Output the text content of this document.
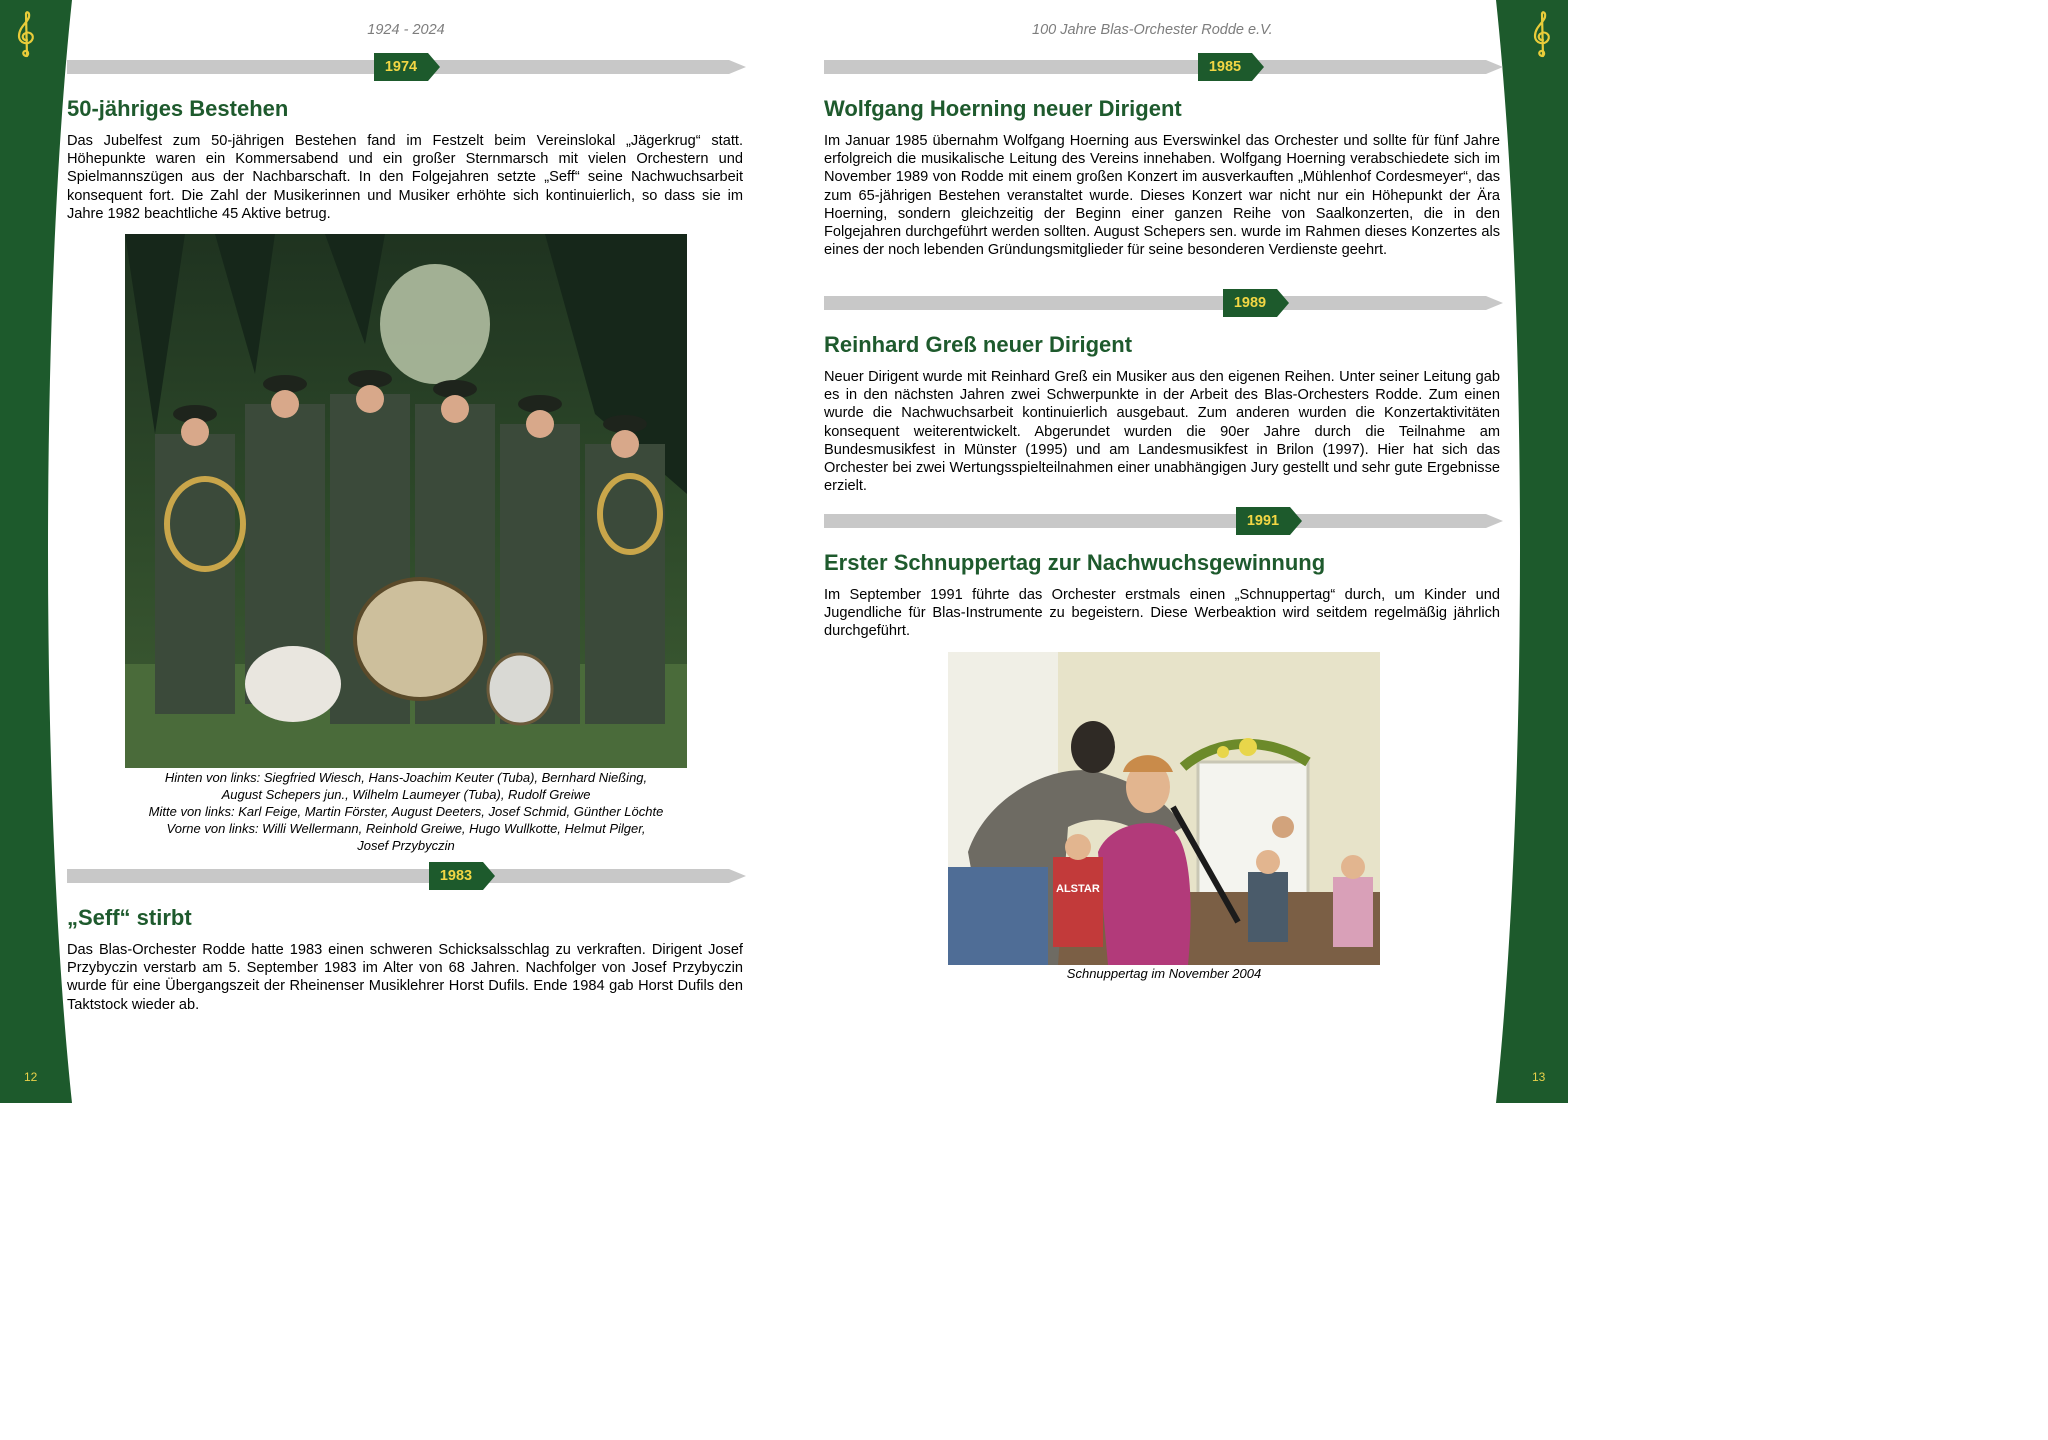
12	13
1924 - 2024	100 Jahre Blas-Orchester Rodde e.V.
1974
50-jähriges Bestehen

Das Jubelfest zum 50-jährigen Bestehen fand im Festzelt beim Vereinslokal „Jägerkrug“ statt. Höhepunkte waren ein Kommersabend und ein großer Sternmarsch mit vielen Orchestern und Spielmannszügen aus der Nachbarschaft. In den Folgejahren setzte „Seff“ seine Nachwuchsarbeit konsequent fort. Die Zahl der Musikerinnen und Musiker erhöhte sich kontinuierlich, so dass sie im Jahre 1982 beachtliche 45 Aktive betrug.

Hinten von links: Siegfried Wiesch, Hans-Joachim Keuter (Tuba), Bernhard Nießing,
August Schepers jun., Wilhelm Laumeyer (Tuba), Rudolf Greiwe
Mitte von links: Karl Feige, Martin Förster, August Deeters, Josef Schmid, Günther Löchte
Vorne von links: Willi Wellermann, Reinhold Greiwe, Hugo Wullkotte, Helmut Pilger,
Josef Przybyczin
1983
„Seff“ stirbt

Das Blas-Orchester Rodde hatte 1983 einen schweren Schicksalsschlag zu verkraften. Dirigent Josef Przybyczin verstarb am 5. September 1983 im Alter von 68 Jahren. Nachfolger von Josef Przybyczin wurde für eine Übergangszeit der Rheinenser Musiklehrer Horst Dufils. Ende 1984 gab Horst Dufils den Taktstock wieder ab.

1985
Wolfgang Hoerning neuer Dirigent

Im Januar 1985 übernahm Wolfgang Hoerning aus Everswinkel das Orchester und sollte für fünf Jahre erfolgreich die musikalische Leitung des Vereins innehaben. Wolfgang Hoerning verabschiedete sich im November 1989 von Rodde mit einem großen Konzert im ausverkauften „Mühlenhof Cordesmeyer“, das zum 65-jährigen Bestehen veranstaltet wurde. Dieses Konzert war nicht nur ein Höhepunkt der Ära Hoerning, sondern gleichzeitig der Beginn einer ganzen Reihe von Saalkonzerten, die in den Folgejahren durchgeführt werden sollten. August Schepers sen. wurde im Rahmen dieses Konzertes als eines der noch lebenden Gründungsmitglieder für seine besonderen Verdienste geehrt.

1989
Reinhard Greß neuer Dirigent

Neuer Dirigent wurde mit Reinhard Greß ein Musiker aus den eigenen Reihen. Unter seiner Leitung gab es in den nächsten Jahren zwei Schwerpunkte in der Arbeit des Blas-Orchesters Rodde. Zum einen wurde die Nachwuchsarbeit kontinuierlich ausgebaut. Zum anderen wurden die Konzertaktivitäten konsequent weiterentwickelt. Abgerundet wurden die 90er Jahre durch die Teilnahme am Bundesmusikfest in Münster (1995) und am Landesmusikfest in Brilon (1997). Hier hat sich das Orchester bei zwei Wertungsspielteilnahmen einer unabhängigen Jury gestellt und sehr gute Ergebnisse erzielt.

1991
Erster Schnuppertag zur Nachwuchsgewinnung

Im September 1991 führte das Orchester erstmals einen „Schnuppertag“ durch, um Kinder und Jugendliche für Blas-Instrumente zu begeistern. Diese Werbeaktion wird seitdem regelmäßig jährlich durchgeführt.

ALSTAR
Schnuppertag im November 2004
